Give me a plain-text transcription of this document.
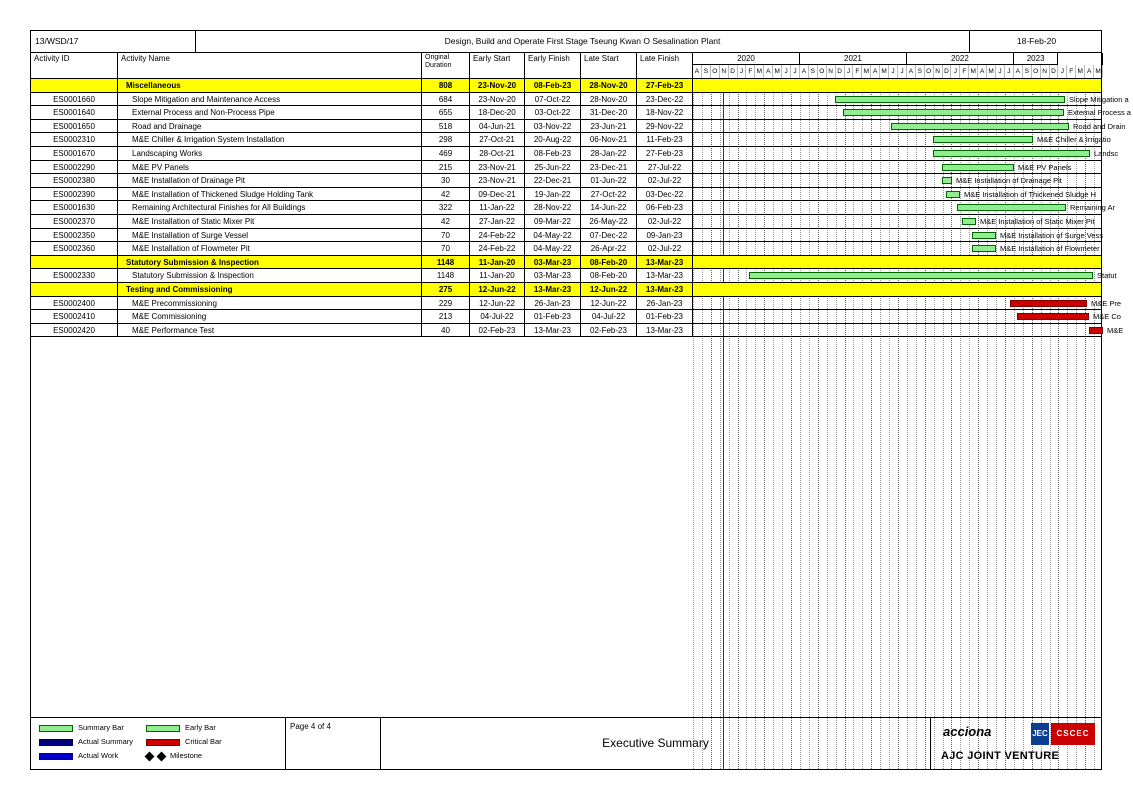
13/WSD/17	Design, Build and Operate First Stage Tseung Kwan O Sesalination Plant	18-Feb-20
Activity ID	Activity Name	Original Duration
Early Start	Early Finish	Late Start	Late Finish	2020	2021	2022	2023
A S O N D J F M A M J J A S O N D J F M A M J J A S O N D J F M A M J J A S O N D J F M A M
Miscellaneous	808	23-Nov-20	08-Feb-23	28-Nov-20	27-Feb-23
ES0001660	Slope Mitigation and Maintenance Access	684	23-Nov-20	07-Oct-22	28-Nov-20	23-Dec-22	Slope Mitigation a
ES0001640	External Process and Non-Process Pipe	655	18-Dec-20	03-Oct-22	31-Dec-20	18-Nov-22	External Process a
ES0001650	Road and Drainage	518	04-Jun-21	03-Nov-22	23-Jun-21	29-Nov-22	Road and Drain
ES0002310	M&E Chiller & Irrigation System Installation	298	27-Oct-21	20-Aug-22	06-Nov-21	11-Feb-23	M&E Chiller & Irrigatio
ES0001670	Landscaping Works	469	28-Oct-21	08-Feb-23	28-Jan-22	27-Feb-23	Landsc
ES0002290	M&E PV Panels	215	23-Nov-21	25-Jun-22	23-Dec-21	27-Jul-22	M&E PV Panels
ES0002380	M&E Installation of Drainage Pit	30	23-Nov-21	22-Dec-21	01-Jun-22	02-Jul-22	M&E Installation of Drainage Pit
ES0002390	M&E Installation of Thickened Sludge Holding Tank	42	09-Dec-21	19-Jan-22	27-Oct-22	03-Dec-22	M&E Installation of Thickened Sludge H
ES0001630	Remaining Architectural Finishes for All Buildings	322	11-Jan-22	28-Nov-22	14-Jun-22	06-Feb-23	Remaining Ar
ES0002370	M&E Installation of Static Mixer Pit	42	27-Jan-22	09-Mar-22	26-May-22	02-Jul-22	M&E Installation of Static Mixer Pit
ES0002350	M&E Installation of Surge Vessel	70	24-Feb-22	04-May-22	07-Dec-22	09-Jan-23	M&E Installation of Surge Vess
ES0002360	M&E Installation of Flowmeter Pit	70	24-Feb-22	04-May-22	26-Apr-22	02-Jul-22	M&E Installation of Flowmeter
Statutory Submission & Inspection	1148	11-Jan-20	03-Mar-23	08-Feb-20	13-Mar-23
ES0002330	Statutory Submission & Inspection	1148	11-Jan-20	03-Mar-23	08-Feb-20	13-Mar-23	Statut
Testing and Commissioning	275	12-Jun-22	13-Mar-23	12-Jun-22	13-Mar-23
ES0002400	M&E Precommissioning	229	12-Jun-22	26-Jan-23	12-Jun-22	26-Jan-23	M&E Pre
ES0002410	M&E Commissioning	213	04-Jul-22	01-Feb-23	04-Jul-22	01-Feb-23	M&E Co
ES0002420	M&E Performance Test	40	02-Feb-23	13-Mar-23	02-Feb-23	13-Mar-23	M&E
Summary Bar
Actual Summary
Actual Work
Early Bar
Critical Bar
Milestone
Page 4 of 4
Executive Summary
acciona	JEC	CSCEC
AJC JOINT VENTURE
